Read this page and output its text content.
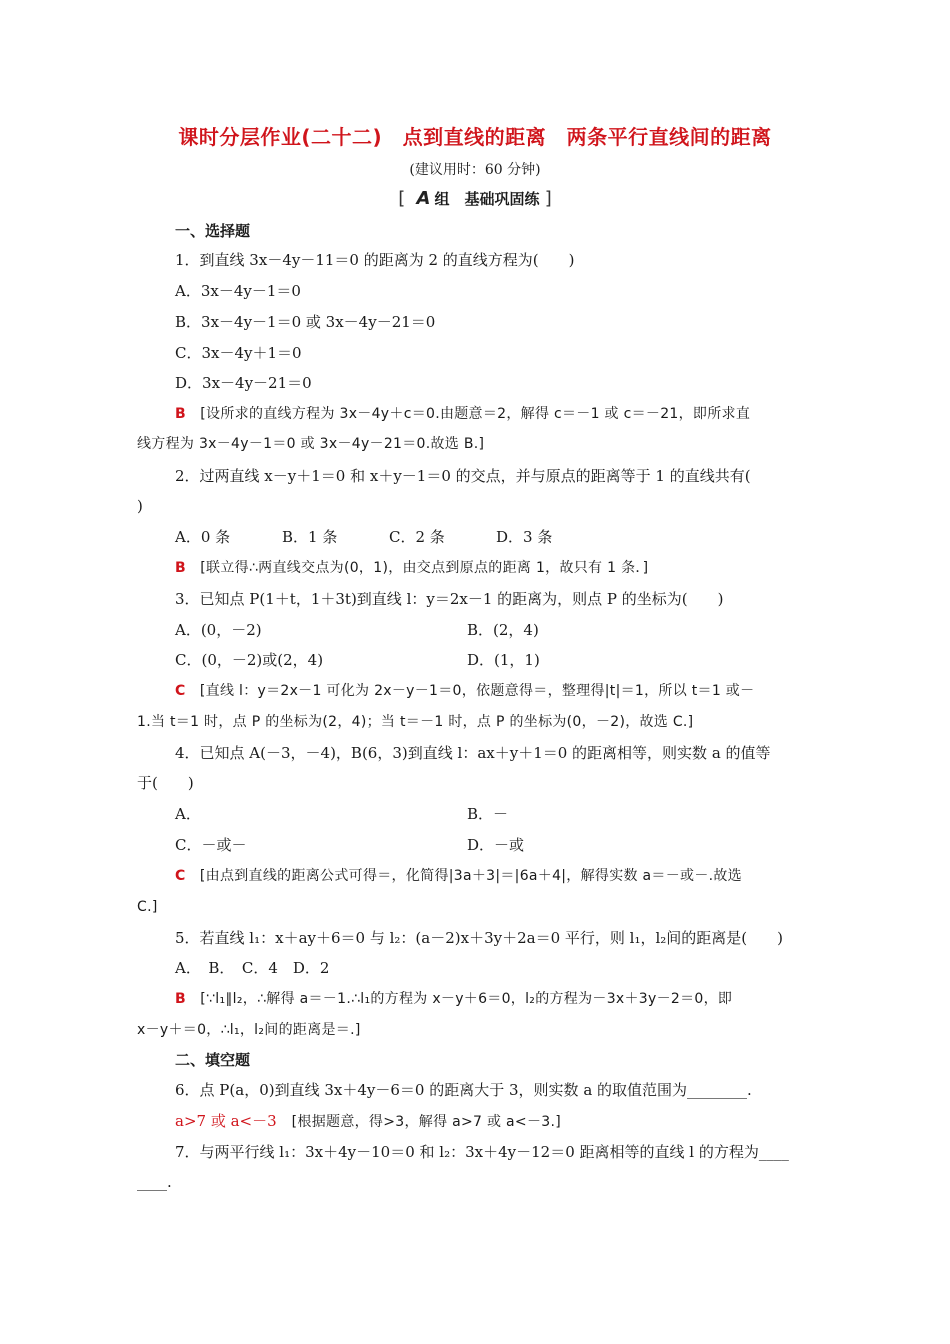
课时分层作业(二十二)　点到直线的距离　两条平行直线间的距离
(建议用时：60 分钟)
[ A 组　基础巩固练 ]
一、选择题
1．到直线 3x－4y－11＝0 的距离为 2 的直线方程为(　　)
A．3x－4y－1＝0
B．3x－4y－1＝0 或 3x－4y－21＝0
C．3x－4y＋1＝0
D．3x－4y－21＝0
B　 [设所求的直线方程为 3x－4y＋c＝0.由题意＝2，解得 c＝－1 或 c＝－21，即所求直
线方程为 3x－4y－1＝0 或 3x－4y－21＝0.故选 B.]
2．过两直线 x－y＋1＝0 和 x＋y－1＝0 的交点，并与原点的距离等于 1 的直线共有(
)
A．0 条	B．1 条	C．2 条	D．3 条
B　 [联立得∴两直线交点为(0，1)，由交点到原点的距离 1，故只有 1 条．]
3．已知点 P(1＋t，1＋3t)到直线 l：y＝2x－1 的距离为，则点 P 的坐标为(　　)
A．(0，－2)	B．(2，4)
C．(0，－2)或(2，4)	D．(1，1)
C　 [直线 l：y＝2x－1 可化为 2x－y－1＝0，依题意得＝，整理得|t|＝1，所以 t＝1 或－
1.当 t＝1 时，点 P 的坐标为(2，4)；当 t＝－1 时，点 P 的坐标为(0，－2)，故选 C.]
4．已知点 A(－3，－4)，B(6，3)到直线 l：ax＋y＋1＝0 的距离相等，则实数 a 的值等
于(　　)
A．	B．－
C．－或－	D．－或
C　 [由点到直线的距离公式可得＝，化简得|3a＋3|＝|6a＋4|，解得实数 a＝－或－.故选
C.]
5．若直线 l₁：x＋ay＋6＝0 与 l₂：(a－2)x＋3y＋2a＝0 平行，则 l₁，l₂间的距离是(　　)
A．　B．　C．4　D．2
B　 [∵l₁∥l₂，∴解得 a＝－1.∴l₁的方程为 x－y＋6＝0，l₂的方程为－3x＋3y－2＝0，即
x－y＋＝0，∴l₁，l₂间的距离是＝.]
二、填空题
6．点 P(a，0)到直线 3x＋4y－6＝0 的距离大于 3，则实数 a 的取值范围为________.
a>7 或 a<－3　 [根据题意，得>3，解得 a>7 或 a<－3.]
7．与两平行线 l₁：3x＋4y－10＝0 和 l₂：3x＋4y－12＝0 距离相等的直线 l 的方程为____
____.
